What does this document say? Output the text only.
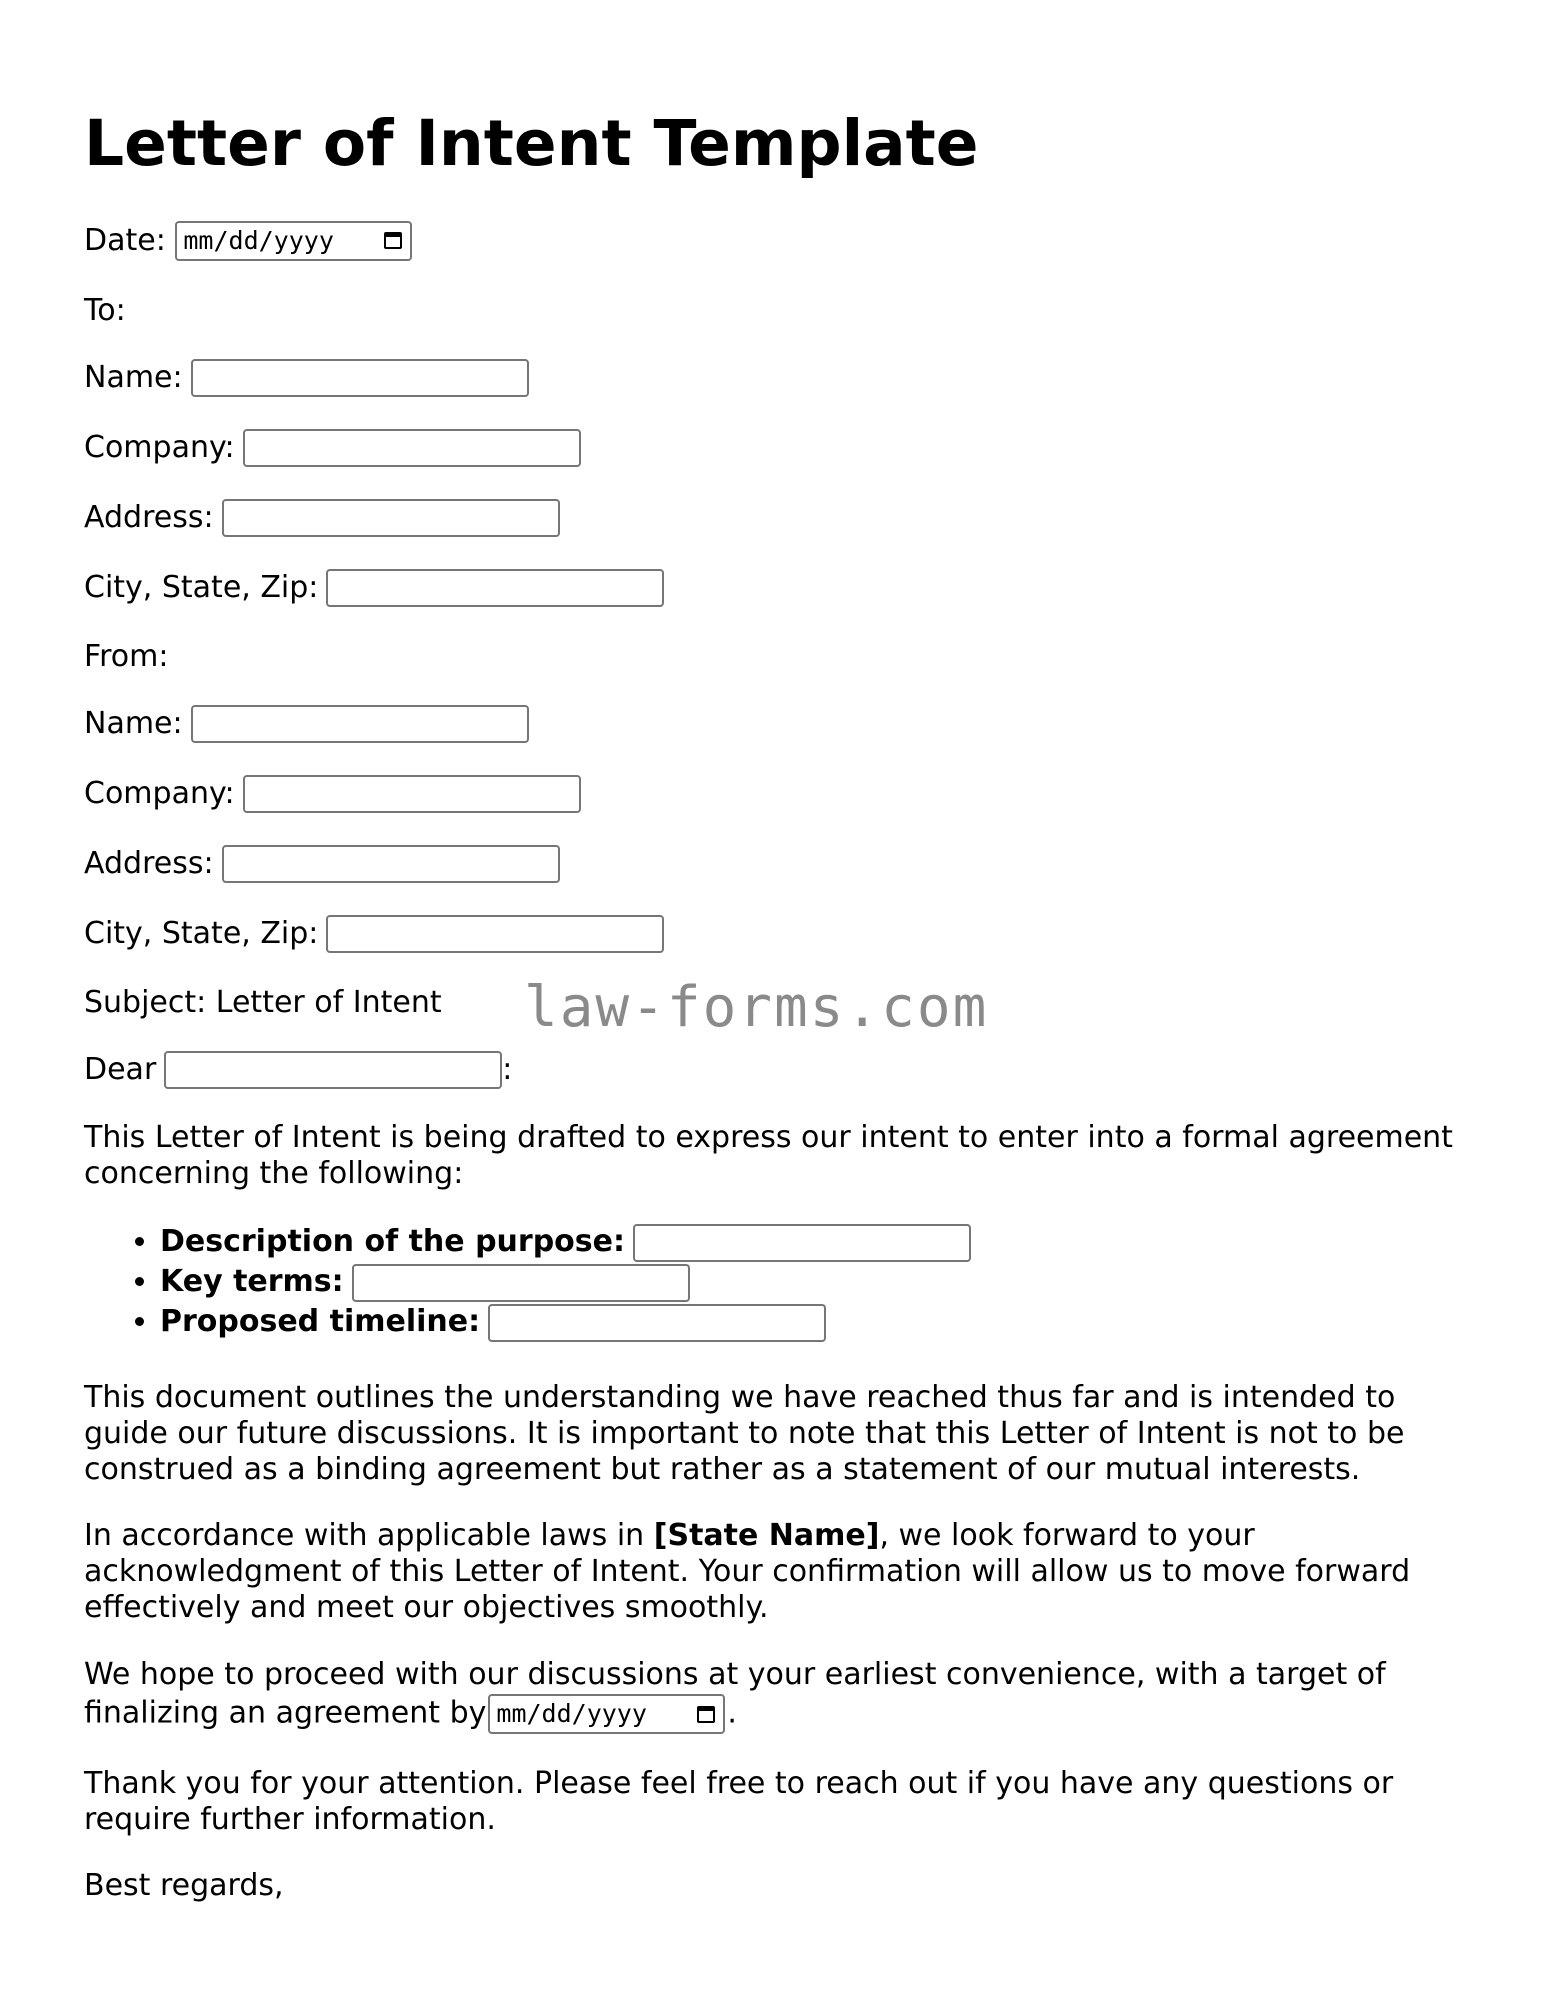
Letter of Intent Template
Date: mm/dd/yyyy
To:
Name:
Company:
Address:
City, State, Zip:
From:
Name:
Company:
Address:
City, State, Zip:
Subject: Letter of Intent law-forms.com
Dear	:

This Letter of Intent is being drafted to express our intent to enter into a formal agreement concerning the following:

• Description of the purpose:
• Key terms:
• Proposed timeline:

This document outlines the understanding we have reached thus far and is intended to guide our future discussions. It is important to note that this Letter of Intent is not to be construed as a binding agreement but rather as a statement of our mutual interests.

In accordance with applicable laws in [State Name], we look forward to your acknowledgment of this Letter of Intent. Your confirmation will allow us to move forward effectively and meet our objectives smoothly.

We hope to proceed with our discussions at your earliest convenience, with a target of finalizing an agreement by mm/dd/yyyy	.

Thank you for your attention. Please feel free to reach out if you have any questions or require further information.

Best regards,
